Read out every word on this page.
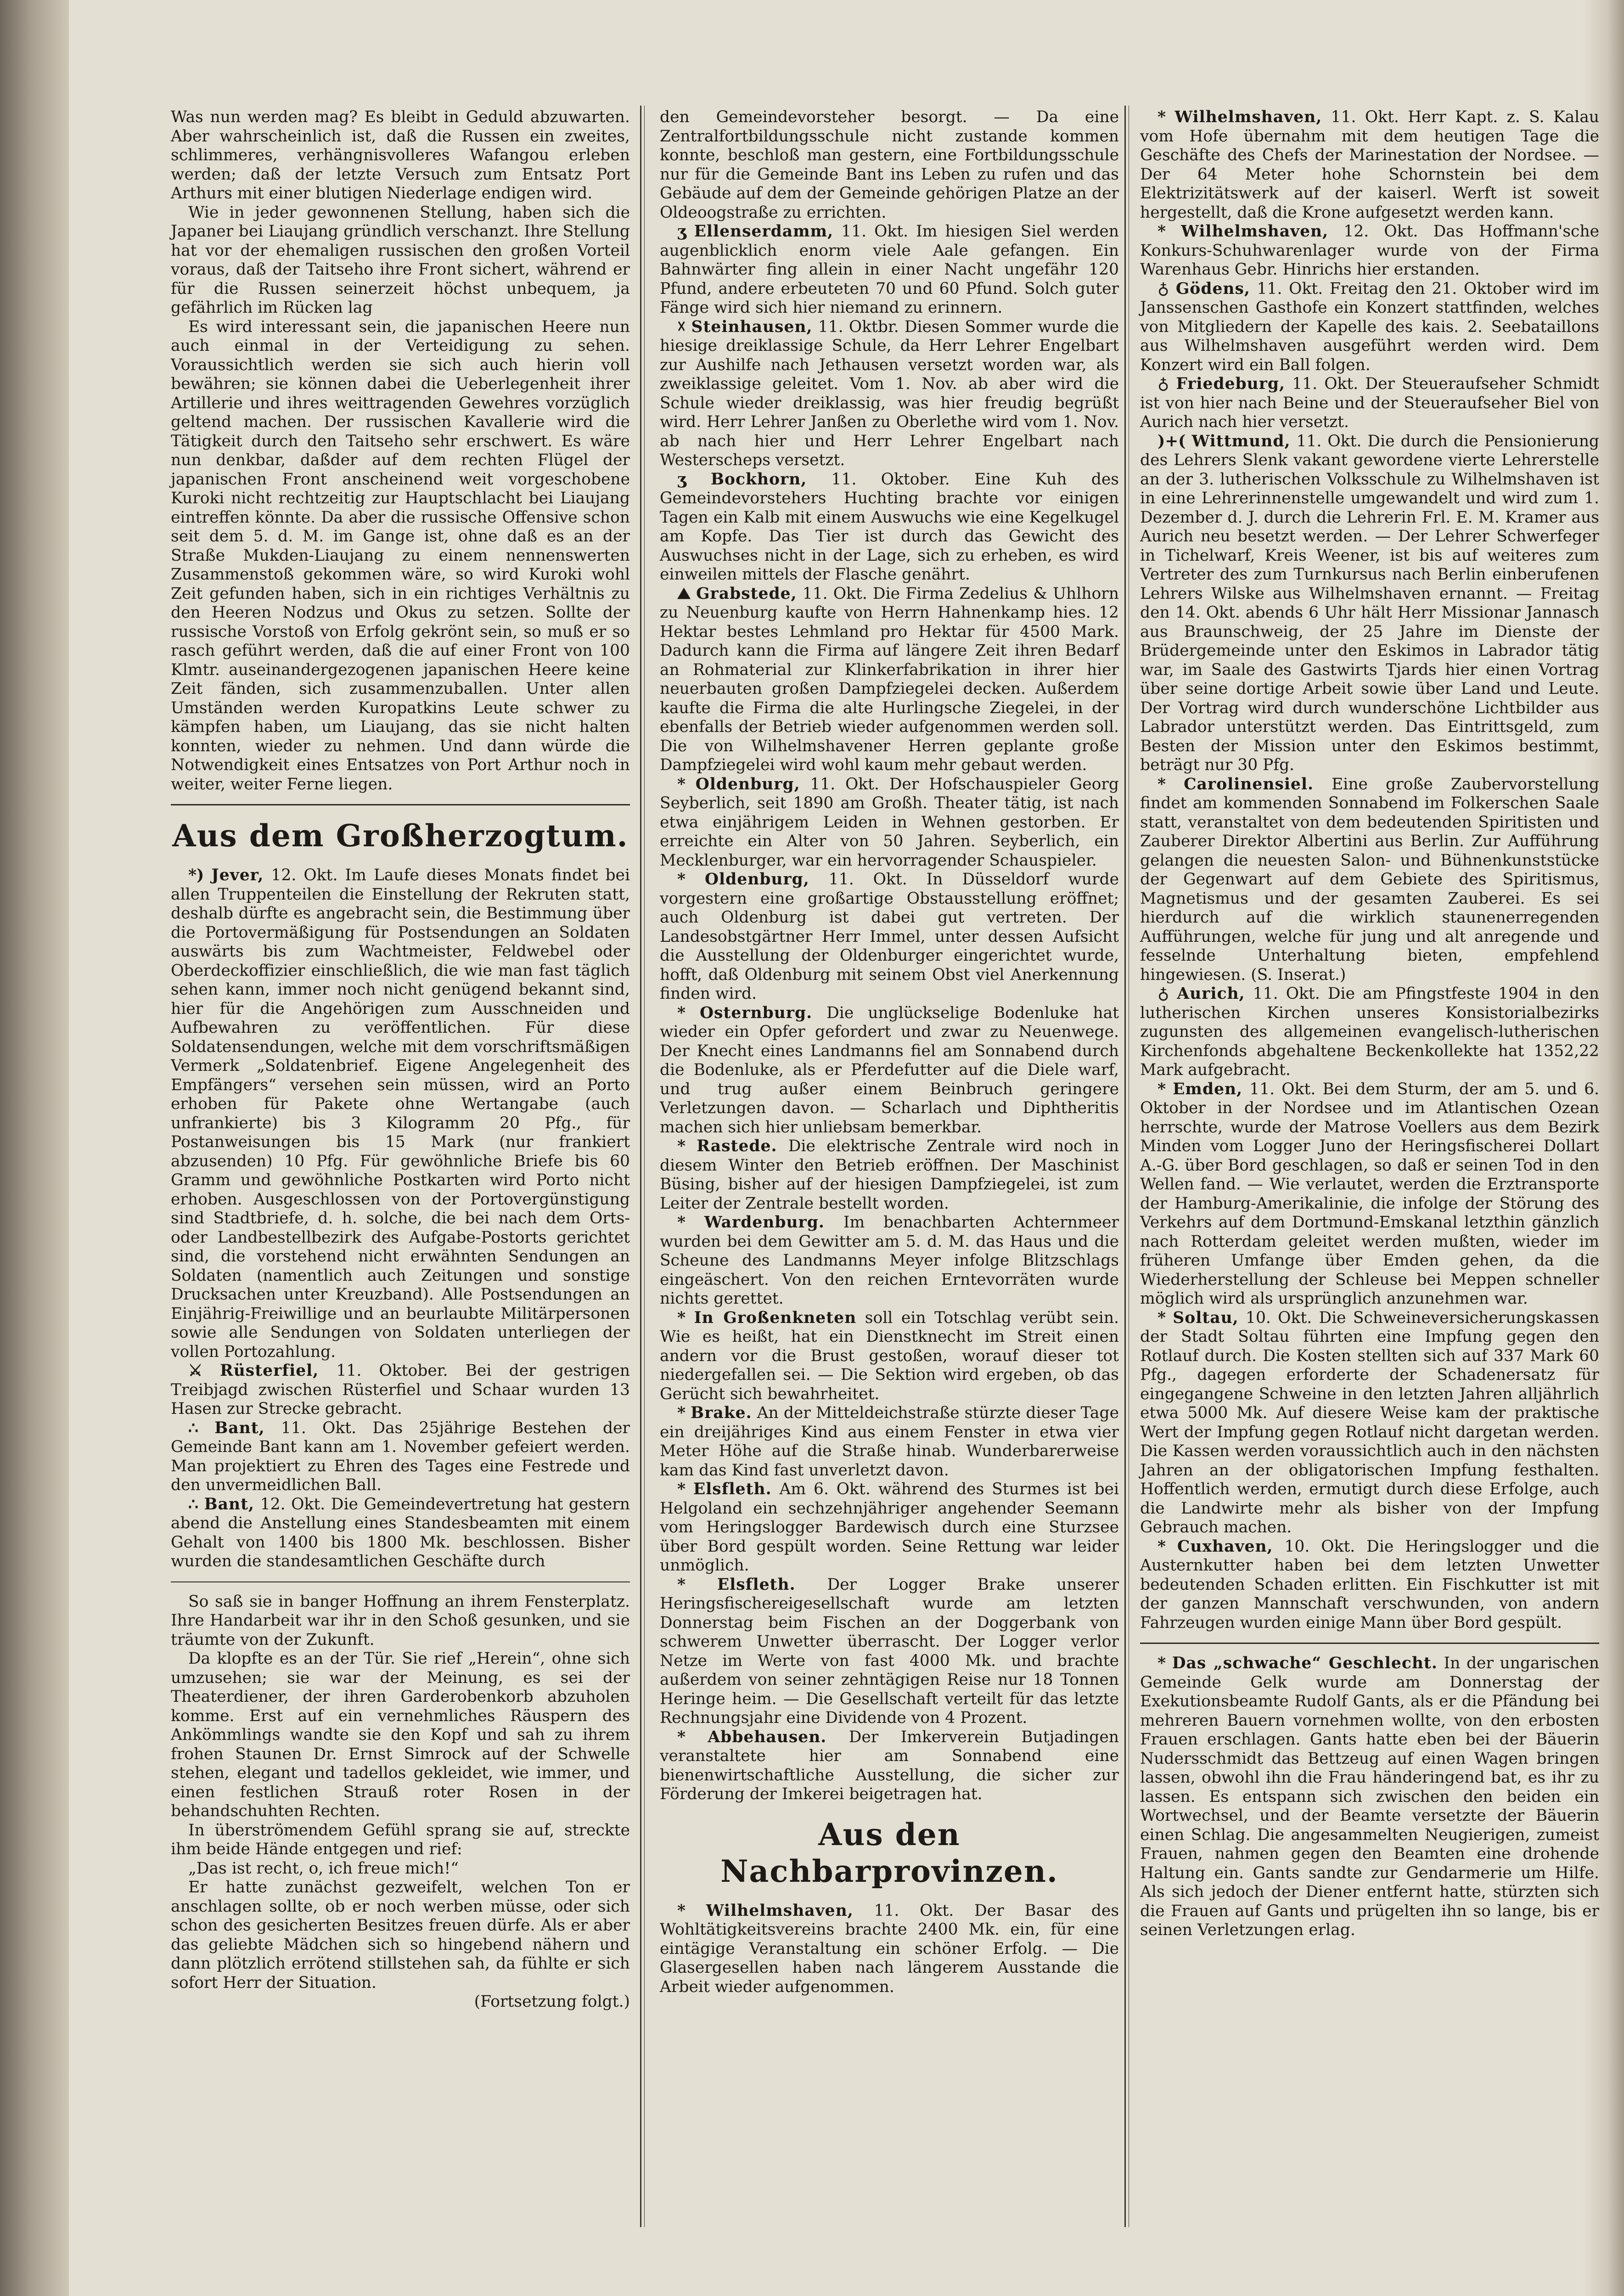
Was nun werden mag? Es bleibt in Geduld abzuwarten. Aber wahrscheinlich ist, daß die Russen ein zweites, schlimmeres, verhängnisvolleres Wafangou erleben werden; daß der letzte Versuch zum Entsatz Port Arthurs mit einer blutigen Niederlage endigen wird.

Wie in jeder gewonnenen Stellung, haben sich die Japaner bei Liaujang gründlich verschanzt. Ihre Stellung hat vor der ehemaligen russischen den großen Vorteil voraus, daß der Taitseho ihre Front sichert, während er für die Russen seinerzeit höchst unbequem, ja gefährlich im Rücken lag

Es wird interessant sein, die japanischen Heere nun auch einmal in der Verteidigung zu sehen. Voraussichtlich werden sie sich auch hierin voll bewähren; sie können dabei die Ueberlegenheit ihrer Artillerie und ihres weittragenden Gewehres vorzüglich geltend machen. Der russischen Kavallerie wird die Tätigkeit durch den Taitseho sehr erschwert. Es wäre nun denkbar, daßder auf dem rechten Flügel der japanischen Front anscheinend weit vorgeschobene Kuroki nicht rechtzeitig zur Hauptschlacht bei Liaujang eintreffen könnte. Da aber die russische Offensive schon seit dem 5. d. M. im Gange ist, ohne daß es an der Straße Mukden-Liaujang zu einem nennenswerten Zusammenstoß gekommen wäre, so wird Kuroki wohl Zeit gefunden haben, sich in ein richtiges Verhältnis zu den Heeren Nodzus und Okus zu setzen. Sollte der russische Vorstoß von Erfolg gekrönt sein, so muß er so rasch geführt werden, daß die auf einer Front von 100 Klmtr. auseinandergezogenen japanischen Heere keine Zeit fänden, sich zusammenzuballen. Unter allen Umständen werden Kuropatkins Leute schwer zu kämpfen haben, um Liaujang, das sie nicht halten konnten, wieder zu nehmen. Und dann würde die Notwendigkeit eines Entsatzes von Port Arthur noch in weiter, weiter Ferne liegen.

Aus dem Großherzogtum.

*) Jever, 12. Okt. Im Laufe dieses Monats findet bei allen Truppenteilen die Einstellung der Rekruten statt, deshalb dürfte es angebracht sein, die Bestimmung über die Portovermäßigung für Postsendungen an Soldaten auswärts bis zum Wachtmeister, Feldwebel oder Oberdeckoffizier einschließlich, die wie man fast täglich sehen kann, immer noch nicht genügend bekannt sind, hier für die Angehörigen zum Ausschneiden und Aufbewahren zu veröffentlichen. Für diese Soldatensendungen, welche mit dem vorschriftsmäßigen Vermerk „Soldatenbrief. Eigene Angelegenheit des Empfängers“ versehen sein müssen, wird an Porto erhoben für Pakete ohne Wertangabe (auch unfrankierte) bis 3 Kilogramm 20 Pfg., für Postanweisungen bis 15 Mark (nur frankiert abzusenden) 10 Pfg. Für gewöhnliche Briefe bis 60 Gramm und gewöhnliche Postkarten wird Porto nicht erhoben. Ausgeschlossen von der Portovergünstigung sind Stadtbriefe, d. h. solche, die bei nach dem Orts- oder Landbestellbezirk des Aufgabe-Postorts gerichtet sind, die vorstehend nicht erwähnten Sendungen an Soldaten (namentlich auch Zeitungen und sonstige Drucksachen unter Kreuzband). Alle Postsendungen an Einjährig-Freiwillige und an beurlaubte Militärpersonen sowie alle Sendungen von Soldaten unterliegen der vollen Portozahlung.

⚔ Rüsterfiel, 11. Oktober. Bei der gestrigen Treibjagd zwischen Rüsterfiel und Schaar wurden 13 Hasen zur Strecke gebracht.

∴ Bant, 11. Okt. Das 25jährige Bestehen der Gemeinde Bant kann am 1. November gefeiert werden. Man projektiert zu Ehren des Tages eine Festrede und den unvermeidlichen Ball.

∴ Bant, 12. Okt. Die Gemeindevertretung hat gestern abend die Anstellung eines Standesbeamten mit einem Gehalt von 1400 bis 1800 Mk. beschlossen. Bisher wurden die standesamtlichen Geschäfte durch

So saß sie in banger Hoffnung an ihrem Fensterplatz. Ihre Handarbeit war ihr in den Schoß gesunken, und sie träumte von der Zukunft.

Da klopfte es an der Tür. Sie rief „Herein“, ohne sich umzusehen; sie war der Meinung, es sei der Theaterdiener, der ihren Garderobenkorb abzuholen komme. Erst auf ein vernehmliches Räuspern des Ankömmlings wandte sie den Kopf und sah zu ihrem frohen Staunen Dr. Ernst Simrock auf der Schwelle stehen, elegant und tadellos gekleidet, wie immer, und einen festlichen Strauß roter Rosen in der behandschuhten Rechten.

In überströmendem Gefühl sprang sie auf, streckte ihm beide Hände entgegen und rief:

„Das ist recht, o, ich freue mich!“

Er hatte zunächst gezweifelt, welchen Ton er anschlagen sollte, ob er noch werben müsse, oder sich schon des gesicherten Besitzes freuen dürfe. Als er aber das geliebte Mädchen sich so hingebend nähern und dann plötzlich errötend stillstehen sah, da fühlte er sich sofort Herr der Situation.

(Fortsetzung folgt.)

den Gemeindevorsteher besorgt. — Da eine Zentralfortbildungsschule nicht zustande kommen konnte, beschloß man gestern, eine Fortbildungsschule nur für die Gemeinde Bant ins Leben zu rufen und das Gebäude auf dem der Gemeinde gehörigen Platze an der Oldeoogstraße zu errichten.

ʒ Ellenserdamm, 11. Okt. Im hiesigen Siel werden augenblicklich enorm viele Aale gefangen. Ein Bahnwärter fing allein in einer Nacht ungefähr 120 Pfund, andere erbeuteten 70 und 60 Pfund. Solch guter Fänge wird sich hier niemand zu erinnern.

☓ Steinhausen, 11. Oktbr. Diesen Sommer wurde die hiesige dreiklassige Schule, da Herr Lehrer Engelbart zur Aushilfe nach Jethausen versetzt worden war, als zweiklassige geleitet. Vom 1. Nov. ab aber wird die Schule wieder dreiklassig, was hier freudig begrüßt wird. Herr Lehrer Janßen zu Oberlethe wird vom 1. Nov. ab nach hier und Herr Lehrer Engelbart nach Westerscheps versetzt.

ʒ Bockhorn, 11. Oktober. Eine Kuh des Gemeindevorstehers Huchting brachte vor einigen Tagen ein Kalb mit einem Auswuchs wie eine Kegelkugel am Kopfe. Das Tier ist durch das Gewicht des Auswuchses nicht in der Lage, sich zu erheben, es wird einweilen mittels der Flasche genährt.

⛰ Grabstede, 11. Okt. Die Firma Zedelius & Uhlhorn zu Neuenburg kaufte von Herrn Hahnenkamp hies. 12 Hektar bestes Lehmland pro Hektar für 4500 Mark. Dadurch kann die Firma auf längere Zeit ihren Bedarf an Rohmaterial zur Klinkerfabrikation in ihrer hier neuerbauten großen Dampfziegelei decken. Außerdem kaufte die Firma die alte Hurlingsche Ziegelei, in der ebenfalls der Betrieb wieder aufgenommen werden soll. Die von Wilhelmshavener Herren geplante große Dampfziegelei wird wohl kaum mehr gebaut werden.

* Oldenburg, 11. Okt. Der Hofschauspieler Georg Seyberlich, seit 1890 am Großh. Theater tätig, ist nach etwa einjährigem Leiden in Wehnen gestorben. Er erreichte ein Alter von 50 Jahren. Seyberlich, ein Mecklenburger, war ein hervorragender Schauspieler.

* Oldenburg, 11. Okt. In Düsseldorf wurde vorgestern eine großartige Obstausstellung eröffnet; auch Oldenburg ist dabei gut vertreten. Der Landesobstgärtner Herr Immel, unter dessen Aufsicht die Ausstellung der Oldenburger eingerichtet wurde, hofft, daß Oldenburg mit seinem Obst viel Anerkennung finden wird.

* Osternburg. Die unglückselige Bodenluke hat wieder ein Opfer gefordert und zwar zu Neuenwege. Der Knecht eines Landmanns fiel am Sonnabend durch die Bodenluke, als er Pferdefutter auf die Diele warf, und trug außer einem Beinbruch geringere Verletzungen davon. — Scharlach und Diphtheritis machen sich hier unliebsam bemerkbar.

* Rastede. Die elektrische Zentrale wird noch in diesem Winter den Betrieb eröffnen. Der Maschinist Büsing, bisher auf der hiesigen Dampfziegelei, ist zum Leiter der Zentrale bestellt worden.

* Wardenburg. Im benachbarten Achternmeer wurden bei dem Gewitter am 5. d. M. das Haus und die Scheune des Landmanns Meyer infolge Blitzschlags eingeäschert. Von den reichen Erntevorräten wurde nichts gerettet.

* In Großenkneten soll ein Totschlag verübt sein. Wie es heißt, hat ein Dienstknecht im Streit einen andern vor die Brust gestoßen, worauf dieser tot niedergefallen sei. — Die Sektion wird ergeben, ob das Gerücht sich bewahrheitet.

* Brake. An der Mitteldeichstraße stürzte dieser Tage ein dreijähriges Kind aus einem Fenster in etwa vier Meter Höhe auf die Straße hinab. Wunderbarerweise kam das Kind fast unverletzt davon.

* Elsfleth. Am 6. Okt. während des Sturmes ist bei Helgoland ein sechzehnjähriger angehender Seemann vom Heringslogger Bardewisch durch eine Sturzsee über Bord gespült worden. Seine Rettung war leider unmöglich.

* Elsfleth. Der Logger Brake unserer Heringsfischereigesellschaft wurde am letzten Donnerstag beim Fischen an der Doggerbank von schwerem Unwetter überrascht. Der Logger verlor Netze im Werte von fast 4000 Mk. und brachte außerdem von seiner zehntägigen Reise nur 18 Tonnen Heringe heim. — Die Gesellschaft verteilt für das letzte Rechnungsjahr eine Dividende von 4 Prozent.

* Abbehausen. Der Imkerverein Butjadingen veranstaltete hier am Sonnabend eine bienenwirtschaftliche Ausstellung, die sicher zur Förderung der Imkerei beigetragen hat.

Aus den Nachbarprovinzen.

* Wilhelmshaven, 11. Okt. Der Basar des Wohltätigkeitsvereins brachte 2400 Mk. ein, für eine eintägige Veranstaltung ein schöner Erfolg. — Die Glasergesellen haben nach längerem Ausstande die Arbeit wieder aufgenommen.

* Wilhelmshaven, 11. Okt. Herr Kapt. z. S. Kalau vom Hofe übernahm mit dem heutigen Tage die Geschäfte des Chefs der Marinestation der Nordsee. — Der 64 Meter hohe Schornstein bei dem Elektrizitätswerk auf der kaiserl. Werft ist soweit hergestellt, daß die Krone aufgesetzt werden kann.

* Wilhelmshaven, 12. Okt. Das Hoffmann'sche Konkurs-Schuhwarenlager wurde von der Firma Warenhaus Gebr. Hinrichs hier erstanden.

♁ Gödens, 11. Okt. Freitag den 21. Oktober wird im Janssenschen Gasthofe ein Konzert stattfinden, welches von Mitgliedern der Kapelle des kais. 2. Seebataillons aus Wilhelmshaven ausgeführt werden wird. Dem Konzert wird ein Ball folgen.

♁ Friedeburg, 11. Okt. Der Steueraufseher Schmidt ist von hier nach Beine und der Steueraufseher Biel von Aurich nach hier versetzt.

)+( Wittmund, 11. Okt. Die durch die Pensionierung des Lehrers Slenk vakant gewordene vierte Lehrerstelle an der 3. lutherischen Volksschule zu Wilhelmshaven ist in eine Lehrerinnenstelle umgewandelt und wird zum 1. Dezember d. J. durch die Lehrerin Frl. E. M. Kramer aus Aurich neu besetzt werden. — Der Lehrer Schwerfeger in Tichelwarf, Kreis Weener, ist bis auf weiteres zum Vertreter des zum Turnkursus nach Berlin einberufenen Lehrers Wilske aus Wilhelmshaven ernannt. — Freitag den 14. Okt. abends 6 Uhr hält Herr Missionar Jannasch aus Braunschweig, der 25 Jahre im Dienste der Brüdergemeinde unter den Eskimos in Labrador tätig war, im Saale des Gastwirts Tjards hier einen Vortrag über seine dortige Arbeit sowie über Land und Leute. Der Vortrag wird durch wunderschöne Lichtbilder aus Labrador unterstützt werden. Das Eintrittsgeld, zum Besten der Mission unter den Eskimos bestimmt, beträgt nur 30 Pfg.

* Carolinensiel. Eine große Zaubervorstellung findet am kommenden Sonnabend im Folkerschen Saale statt, veranstaltet von dem bedeutenden Spiritisten und Zauberer Direktor Albertini aus Berlin. Zur Aufführung gelangen die neuesten Salon- und Bühnenkunststücke der Gegenwart auf dem Gebiete des Spiritismus, Magnetismus und der gesamten Zauberei. Es sei hierdurch auf die wirklich staunenerregenden Aufführungen, welche für jung und alt anregende und fesselnde Unterhaltung bieten, empfehlend hingewiesen. (S. Inserat.)

♁ Aurich, 11. Okt. Die am Pfingstfeste 1904 in den lutherischen Kirchen unseres Konsistorialbezirks zugunsten des allgemeinen evangelisch-lutherischen Kirchenfonds abgehaltene Beckenkollekte hat 1352,22 Mark aufgebracht.

* Emden, 11. Okt. Bei dem Sturm, der am 5. und 6. Oktober in der Nordsee und im Atlantischen Ozean herrschte, wurde der Matrose Voellers aus dem Bezirk Minden vom Logger Juno der Heringsfischerei Dollart A.-G. über Bord geschlagen, so daß er seinen Tod in den Wellen fand. — Wie verlautet, werden die Erztransporte der Hamburg-Amerikalinie, die infolge der Störung des Verkehrs auf dem Dortmund-Emskanal letzthin gänzlich nach Rotterdam geleitet werden mußten, wieder im früheren Umfange über Emden gehen, da die Wiederherstellung der Schleuse bei Meppen schneller möglich wird als ursprünglich anzunehmen war.

* Soltau, 10. Okt. Die Schweineversicherungskassen der Stadt Soltau führten eine Impfung gegen den Rotlauf durch. Die Kosten stellten sich auf 337 Mark 60 Pfg., dagegen erforderte der Schadenersatz für eingegangene Schweine in den letzten Jahren alljährlich etwa 5000 Mk. Auf diesere Weise kam der praktische Wert der Impfung gegen Rotlauf nicht dargetan werden. Die Kassen werden voraussichtlich auch in den nächsten Jahren an der obligatorischen Impfung festhalten. Hoffentlich werden, ermutigt durch diese Erfolge, auch die Landwirte mehr als bisher von der Impfung Gebrauch machen.

* Cuxhaven, 10. Okt. Die Heringslogger und die Austernkutter haben bei dem letzten Unwetter bedeutenden Schaden erlitten. Ein Fischkutter ist mit der ganzen Mannschaft verschwunden, von andern Fahrzeugen wurden einige Mann über Bord gespült.

* Das „schwache“ Geschlecht. In der ungarischen Gemeinde Gelk wurde am Donnerstag der Exekutionsbeamte Rudolf Gants, als er die Pfändung bei mehreren Bauern vornehmen wollte, von den erbosten Frauen erschlagen. Gants hatte eben bei der Bäuerin Nudersschmidt das Bettzeug auf einen Wagen bringen lassen, obwohl ihn die Frau händeringend bat, es ihr zu lassen. Es entspann sich zwischen den beiden ein Wortwechsel, und der Beamte versetzte der Bäuerin einen Schlag. Die angesammelten Neugierigen, zumeist Frauen, nahmen gegen den Beamten eine drohende Haltung ein. Gants sandte zur Gendarmerie um Hilfe. Als sich jedoch der Diener entfernt hatte, stürzten sich die Frauen auf Gants und prügelten ihn so lange, bis er seinen Verletzungen erlag.
